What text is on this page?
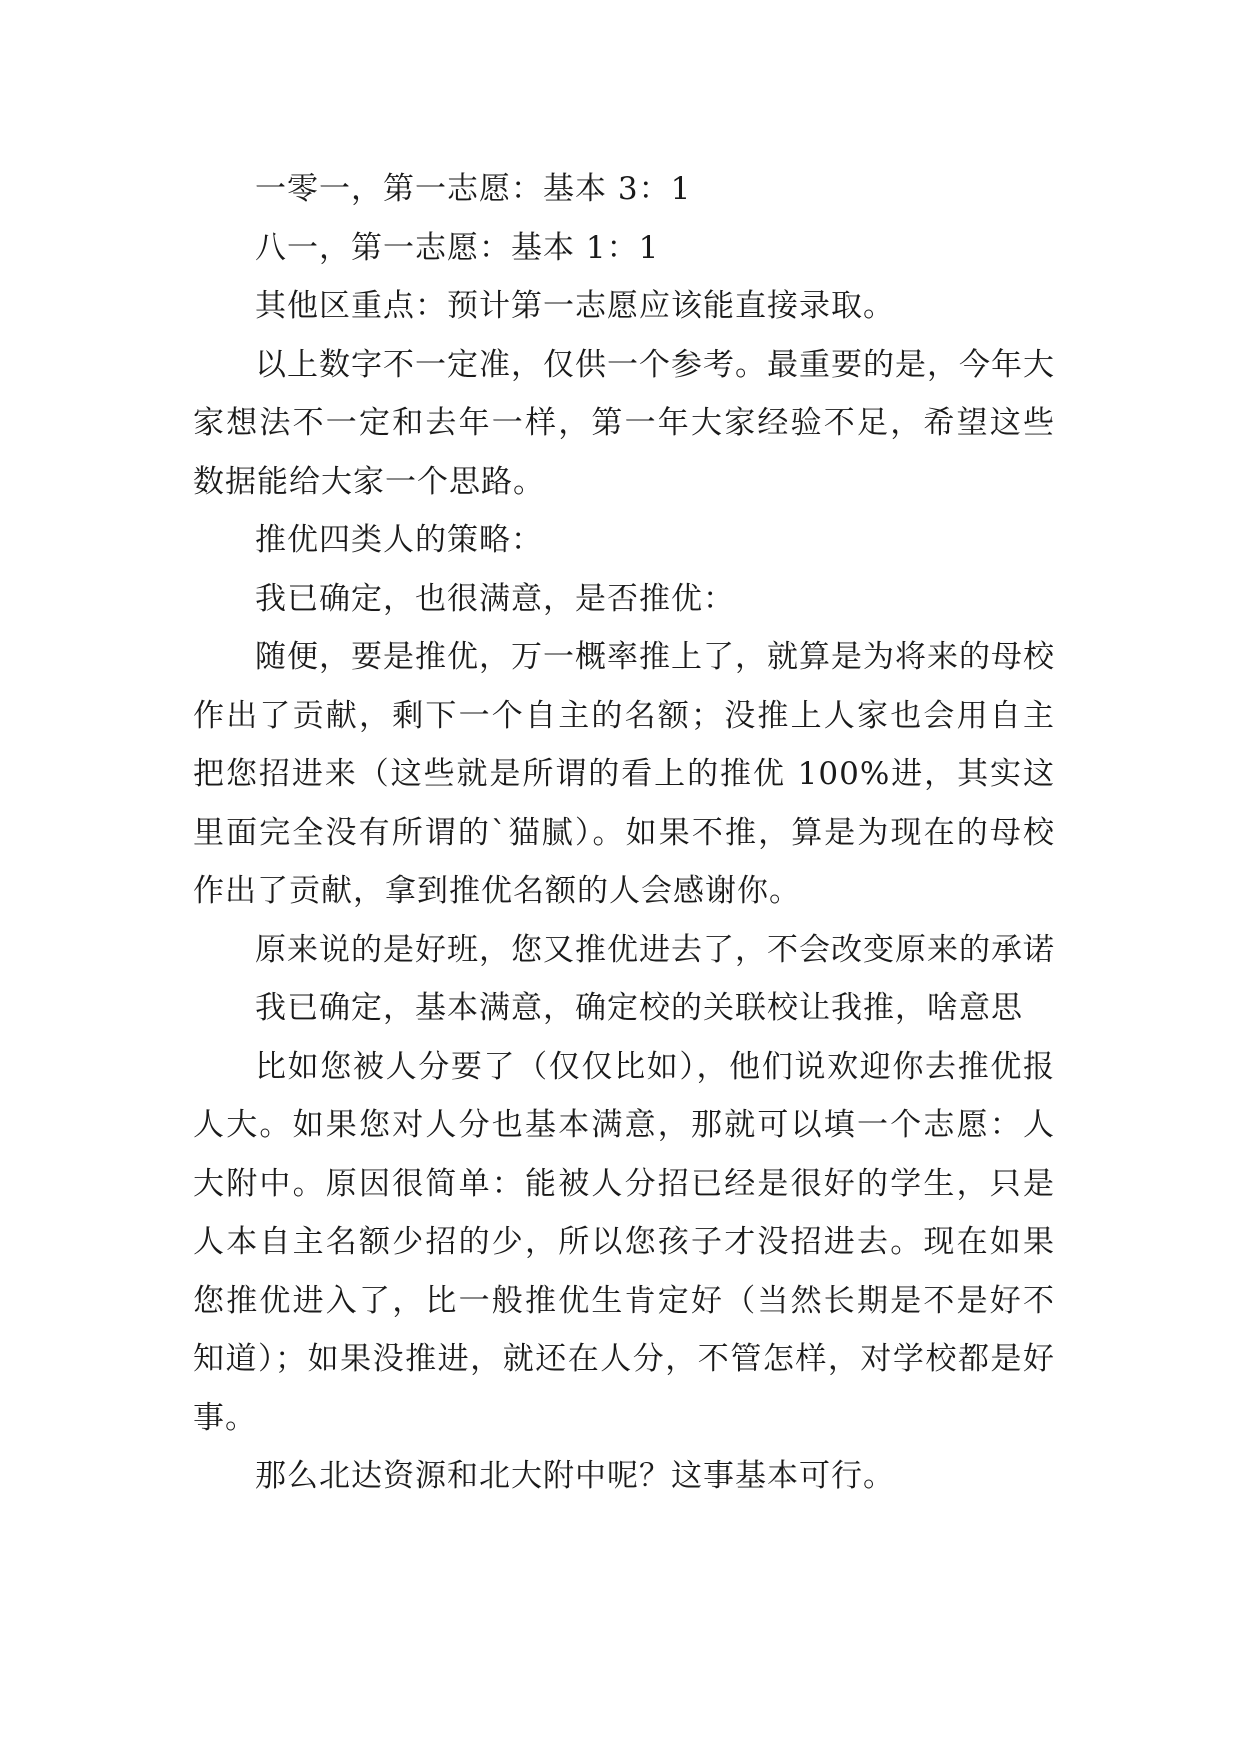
一零一，第一志愿：基本 3：1

八一，第一志愿：基本 1：1

其他区重点：预计第一志愿应该能直接录取。

以上数字不一定准，仅供一个参考。最重要的是，今年大家想法不一定和去年一样，第一年大家经验不足，希望这些数据能给大家一个思路。

推优四类人的策略：

我已确定，也很满意，是否推优：

随便，要是推优，万一概率推上了，就算是为将来的母校作出了贡献，剩下一个自主的名额；没推上人家也会用自主把您招进来（这些就是所谓的看上的推优 100%进，其实这里面完全没有所谓的`猫腻）。如果不推，算是为现在的母校作出了贡献，拿到推优名额的人会感谢你。

原来说的是好班，您又推优进去了，不会改变原来的承诺

我已确定，基本满意，确定校的关联校让我推，啥意思

比如您被人分要了（仅仅比如），他们说欢迎你去推优报人大。如果您对人分也基本满意，那就可以填一个志愿：人大附中。原因很简单：能被人分招已经是很好的学生，只是人本自主名额少招的少，所以您孩子才没招进去。现在如果您推优进入了，比一般推优生肯定好（当然长期是不是好不知道）；如果没推进，就还在人分，不管怎样，对学校都是好事。

那么北达资源和北大附中呢？这事基本可行。
